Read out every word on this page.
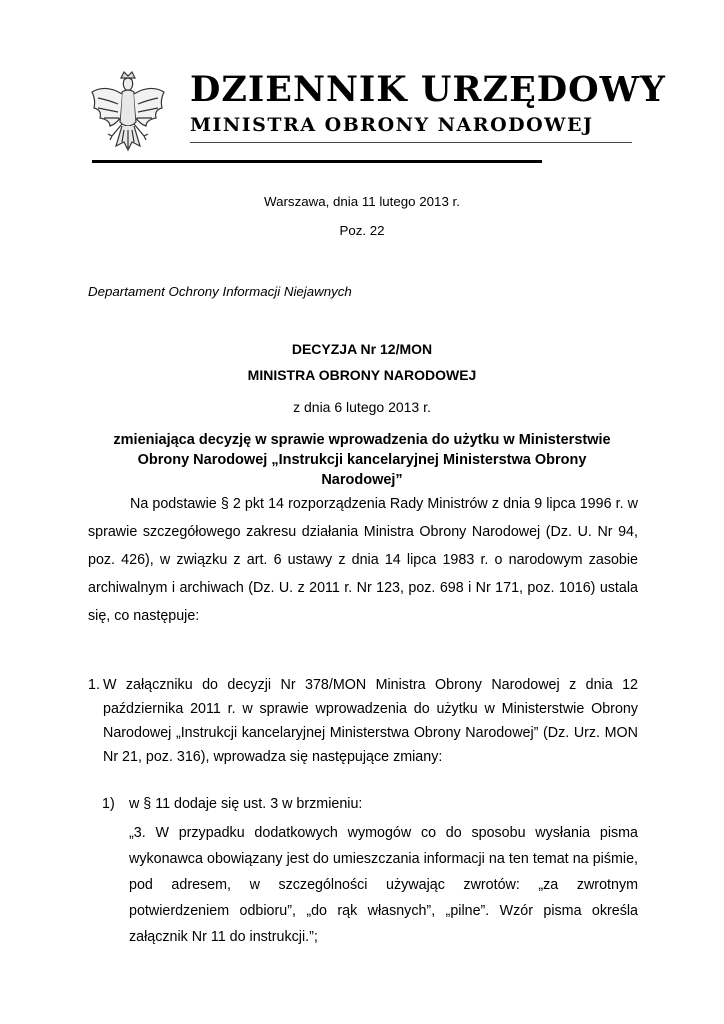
DZIENNIK URZĘDOWY
MINISTRA OBRONY NARODOWEJ
Warszawa, dnia 11 lutego 2013 r.
Poz. 22
Departament Ochrony Informacji Niejawnych
DECYZJA Nr 12/MON
MINISTRA OBRONY NARODOWEJ
z dnia 6 lutego 2013 r.
zmieniająca decyzję w sprawie wprowadzenia do użytku w Ministerstwie Obrony Narodowej „Instrukcji kancelaryjnej Ministerstwa Obrony Narodowej”
Na podstawie § 2 pkt 14 rozporządzenia Rady Ministrów z dnia 9 lipca 1996 r. w sprawie szczegółowego zakresu działania Ministra Obrony Narodowej (Dz. U. Nr 94, poz. 426), w związku z art. 6 ustawy z dnia 14 lipca 1983 r. o narodowym zasobie archiwalnym i archiwach (Dz. U. z 2011 r. Nr 123, poz. 698 i Nr 171, poz. 1016) ustala się, co następuje:
1. W załączniku do decyzji Nr 378/MON Ministra Obrony Narodowej z dnia 12 października 2011 r. w sprawie wprowadzenia do użytku w Ministerstwie Obrony Narodowej „Instrukcji kancelaryjnej Ministerstwa Obrony Narodowej” (Dz. Urz. MON Nr 21, poz. 316), wprowadza się następujące zmiany:
1) w § 11 dodaje się ust. 3 w brzmieniu:
„3. W przypadku dodatkowych wymogów co do sposobu wysłania pisma wykonawca obowiązany jest do umieszczania informacji na ten temat na piśmie, pod adresem, w szczególności używając zwrotów: „za zwrotnym potwierdzeniem odbioru”, „do rąk własnych”, „pilne”. Wzór pisma określa załącznik Nr 11 do instrukcji.”;
